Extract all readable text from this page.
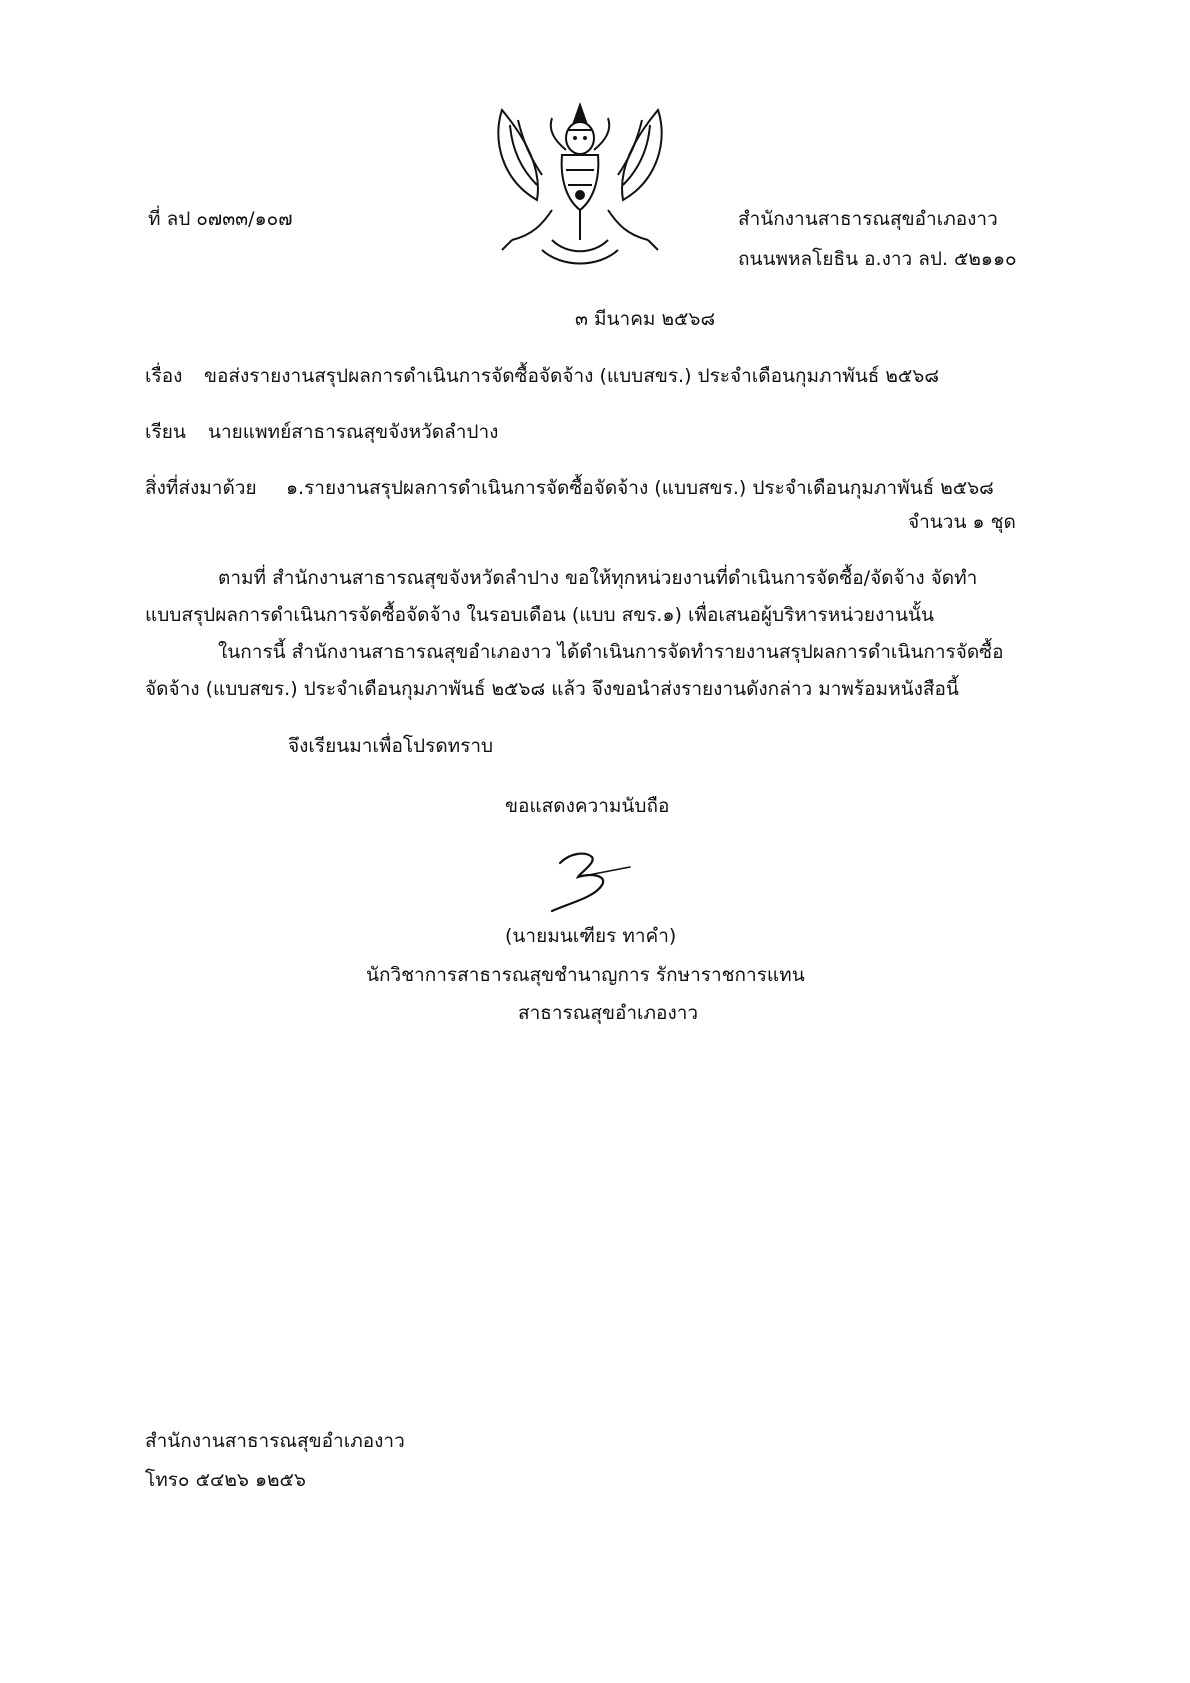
ที่ ลป ๐๗๓๓/๑๐๗	สำนักงานสาธารณสุขอำเภองาว
ถนนพหลโยธิน อ.งาว ลป. ๕๒๑๑๐
๓ มีนาคม ๒๕๖๘
เรื่อง ขอส่งรายงานสรุปผลการดำเนินการจัดซื้อจัดจ้าง (แบบสขร.) ประจำเดือนกุมภาพันธ์ ๒๕๖๘
เรียน นายแพทย์สาธารณสุขจังหวัดลำปาง
สิ่งที่ส่งมาด้วย ๑.รายงานสรุปผลการดำเนินการจัดซื้อจัดจ้าง (แบบสขร.) ประจำเดือนกุมภาพันธ์ ๒๕๖๘
จำนวน ๑ ชุด
ตามที่ สำนักงานสาธารณสุขจังหวัดลำปาง ขอให้ทุกหน่วยงานที่ดำเนินการจัดซื้อ/จัดจ้าง จัดทำ
แบบสรุปผลการดำเนินการจัดซื้อจัดจ้าง ในรอบเดือน (แบบ สขร.๑) เพื่อเสนอผู้บริหารหน่วยงานนั้น
ในการนี้ สำนักงานสาธารณสุขอำเภองาว ได้ดำเนินการจัดทำรายงานสรุปผลการดำเนินการจัดซื้อ
จัดจ้าง (แบบสขร.) ประจำเดือนกุมภาพันธ์ ๒๕๖๘ แล้ว จึงขอนำส่งรายงานดังกล่าว มาพร้อมหนังสือนี้
จึงเรียนมาเพื่อโปรดทราบ
ขอแสดงความนับถือ
(นายมนเฑียร ทาคำ)
นักวิชาการสาธารณสุขชำนาญการ รักษาราชการแทน
สาธารณสุขอำเภองาว
สำนักงานสาธารณสุขอำเภองาว
โทร๐ ๕๔๒๖ ๑๒๕๖
